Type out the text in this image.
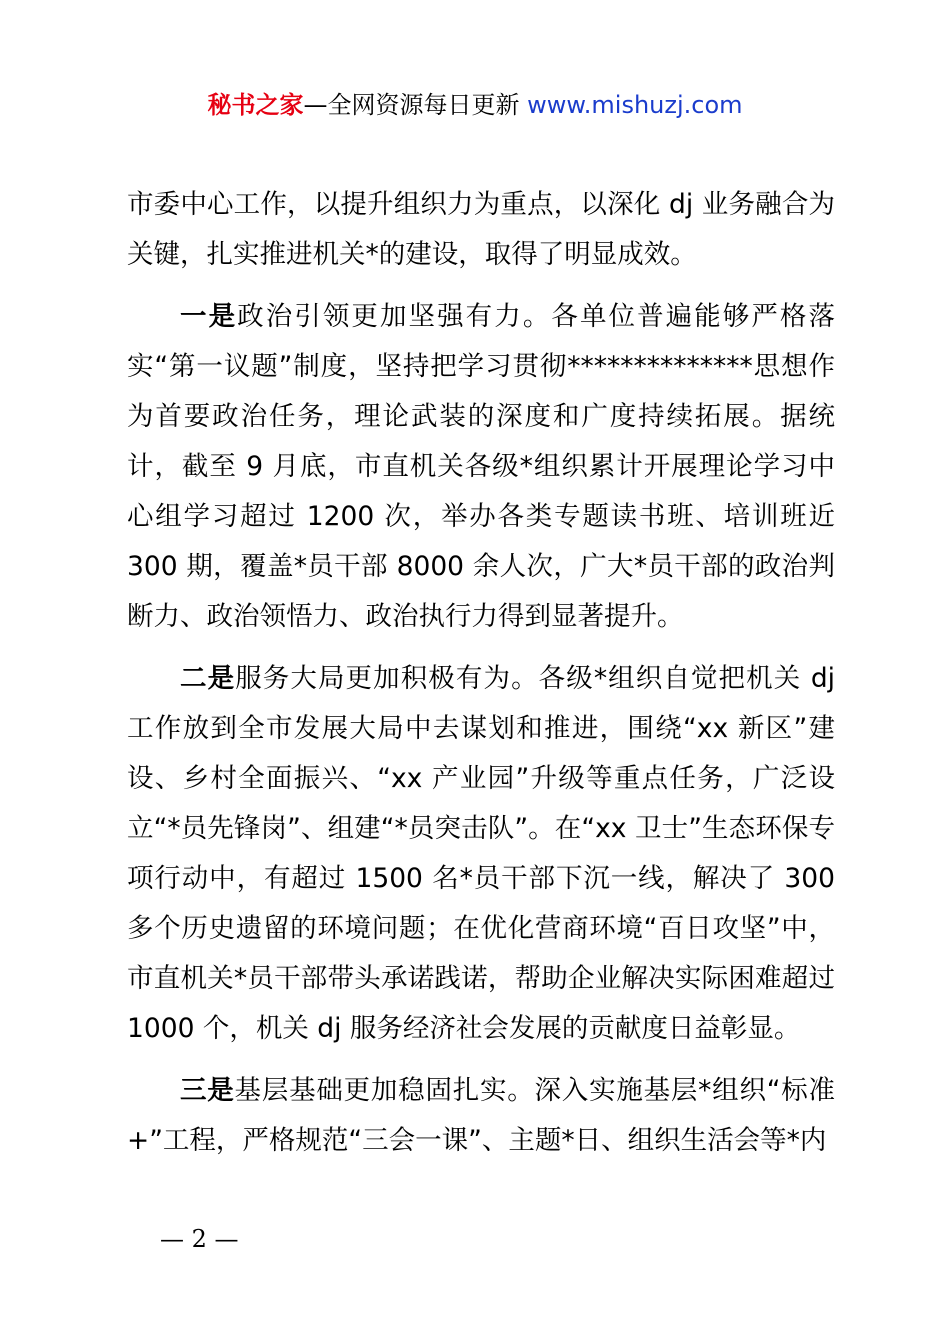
秘书之家—全网资源每日更新 www.mishuzj.com

市委中心工作，以提升组织力为重点，以深化 dj 业务融合为关键，扎实推进机关*的建设，取得了明显成效。

一是政治引领更加坚强有力。各单位普遍能够严格落实“第一议题”制度，坚持把学习贯彻**************思想作为首要政治任务，理论武装的深度和广度持续拓展。据统计，截至 9 月底，市直机关各级*组织累计开展理论学习中心组学习超过 1200 次，举办各类专题读书班、培训班近 300 期，覆盖*员干部 8000 余人次，广大*员干部的政治判断力、政治领悟力、政治执行力得到显著提升。

二是服务大局更加积极有为。各级*组织自觉把机关 dj 工作放到全市发展大局中去谋划和推进，围绕“xx 新区”建设、乡村全面振兴、“xx 产业园”升级等重点任务，广泛设立“*员先锋岗”、组建“*员突击队”。在“xx 卫士”生态环保专项行动中，有超过 1500 名*员干部下沉一线，解决了 300 多个历史遗留的环境问题；在优化营商环境“百日攻坚”中，市直机关*员干部带头承诺践诺，帮助企业解决实际困难超过 1000 个，机关 dj 服务经济社会发展的贡献度日益彰显。

三是基层基础更加稳固扎实。深入实施基层*组织“标准+”工程，严格规范“三会一课”、主题*日、组织生活会等*内

— 2 —
